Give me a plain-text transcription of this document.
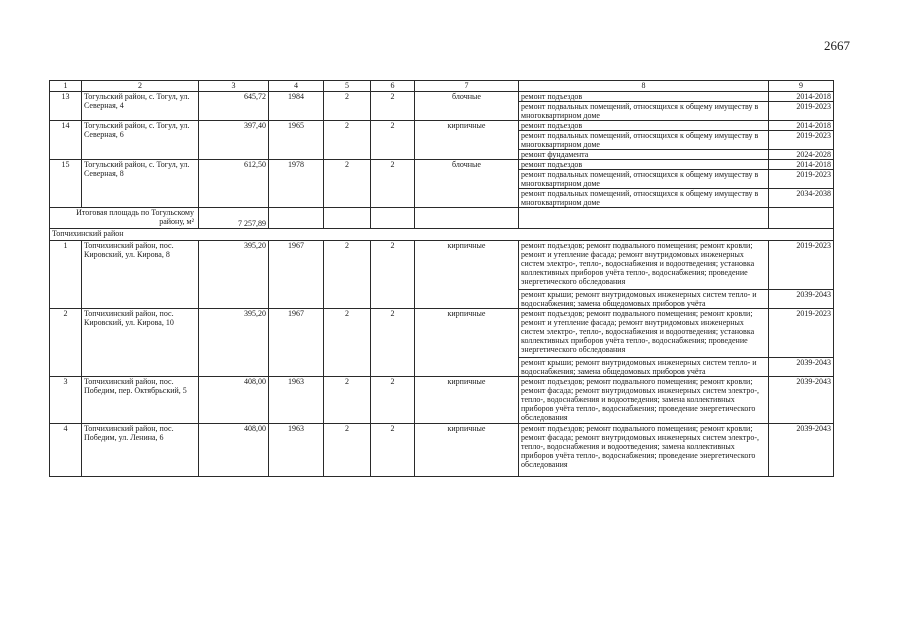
2667
1	2	3	4	5	6	7	8	9
13	Тогульский район, с. Тогул, ул. Северная, 4	645,72	1984	2	2	блочные	ремонт подъездов	2014-2018
							ремонт подвальных помещений, относящихся к общему имуществу в многоквартирном доме	2019-2023
14	Тогульский район, с. Тогул, ул. Северная, 6	397,40	1965	2	2	кирпичные	ремонт подъездов	2014-2018
							ремонт подвальных помещений, относящихся к общему имуществу в многоквартирном доме	2019-2023
							ремонт фундамента	2024-2028
15	Тогульский район, с. Тогул, ул. Северная, 8	612,50	1978	2	2	блочные	ремонт подъездов	2014-2018
							ремонт подвальных помещений, относящихся к общему имуществу в многоквартирном доме	2019-2023
							ремонт подвальных помещений, относящихся к общему имуществу в многоквартирном доме	2034-2038
Итоговая площадь по Тогульскому району, м²		7 257,89						
Топчихинский район								
1	Топчихинский район, пос. Кировский, ул. Кирова, 8	395,20	1967	2	2	кирпичные	ремонт подъездов; ремонт подвального помещения; ремонт кровли; ремонт и утепление фасада; ремонт внутридомовых инженерных систем электро-, тепло-, водоснабжения и водоотведения; установка коллективных приборов учёта тепло-, водоснабжения; проведение энергетического обследования	2019-2023
							ремонт крыши; ремонт внутридомовых инженерных систем тепло- и водоснабжения; замена общедомовых приборов учёта	2039-2043
2	Топчихинский район, пос. Кировский, ул. Кирова, 10	395,20	1967	2	2	кирпичные	ремонт подъездов; ремонт подвального помещения; ремонт кровли; ремонт и утепление фасада; ремонт внутридомовых инженерных систем электро-, тепло-, водоснабжения и водоотведения; установка коллективных приборов учёта тепло-, водоснабжения; проведение энергетического обследования	2019-2023
							ремонт крыши; ремонт внутридомовых инженерных систем тепло- и водоснабжения; замена общедомовых приборов учёта	2039-2043
3	Топчихинский район, пос. Победим, пер. Октябрьский, 5	408,00	1963	2	2	кирпичные	ремонт подъездов; ремонт подвального помещения; ремонт кровли; ремонт фасада; ремонт внутридомовых инженерных систем электро-, тепло-, водоснабжения и водоотведения; замена коллективных приборов учёта тепло-, водоснабжения; проведение энергетического обследования	2039-2043
4	Топчихинский район, пос. Победим, ул. Ленина, 6	408,00	1963	2	2	кирпичные	ремонт подъездов; ремонт подвального помещения; ремонт кровли; ремонт фасада; ремонт внутридомовых инженерных систем электро-, тепло-, водоснабжения и водоотведения; замена коллективных приборов учёта тепло-, водоснабжения; проведение энергетического обследования	2039-2043
